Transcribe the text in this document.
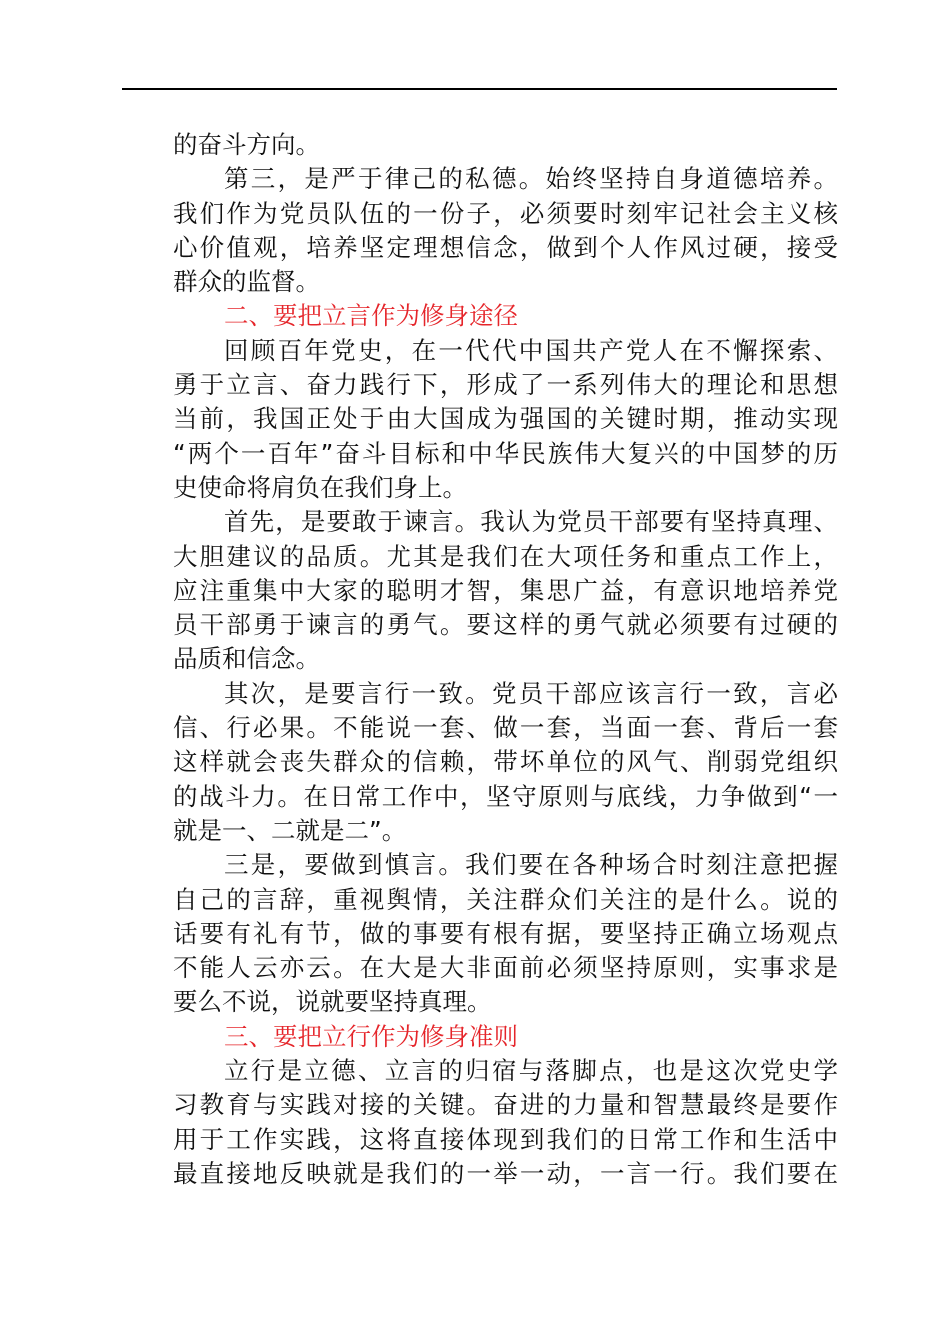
的奋斗方向。
第三，是严于律己的私德。始终坚持自身道德培养。
我们作为党员队伍的一份子，必须要时刻牢记社会主义核
心价值观，培养坚定理想信念，做到个人作风过硬，接受
群众的监督。
二、要把立言作为修身途径
回顾百年党史，在一代代中国共产党人在不懈探索、
勇于立言、奋力践行下，形成了一系列伟大的理论和思想
当前，我国正处于由大国成为强国的关键时期，推动实现
“两个一百年”奋斗目标和中华民族伟大复兴的中国梦的历
史使命将肩负在我们身上。
首先，是要敢于谏言。我认为党员干部要有坚持真理、
大胆建议的品质。尤其是我们在大项任务和重点工作上，
应注重集中大家的聪明才智，集思广益，有意识地培养党
员干部勇于谏言的勇气。要这样的勇气就必须要有过硬的
品质和信念。
其次，是要言行一致。党员干部应该言行一致，言必
信、行必果。不能说一套、做一套，当面一套、背后一套
这样就会丧失群众的信赖，带坏单位的风气、削弱党组织
的战斗力。在日常工作中，坚守原则与底线，力争做到“一
就是一、二就是二”。
三是，要做到慎言。我们要在各种场合时刻注意把握
自己的言辞，重视舆情，关注群众们关注的是什么。说的
话要有礼有节，做的事要有根有据，要坚持正确立场观点
不能人云亦云。在大是大非面前必须坚持原则，实事求是
要么不说，说就要坚持真理。
三、要把立行作为修身准则
立行是立德、立言的归宿与落脚点，也是这次党史学
习教育与实践对接的关键。奋进的力量和智慧最终是要作
用于工作实践，这将直接体现到我们的日常工作和生活中
最直接地反映就是我们的一举一动，一言一行。我们要在
